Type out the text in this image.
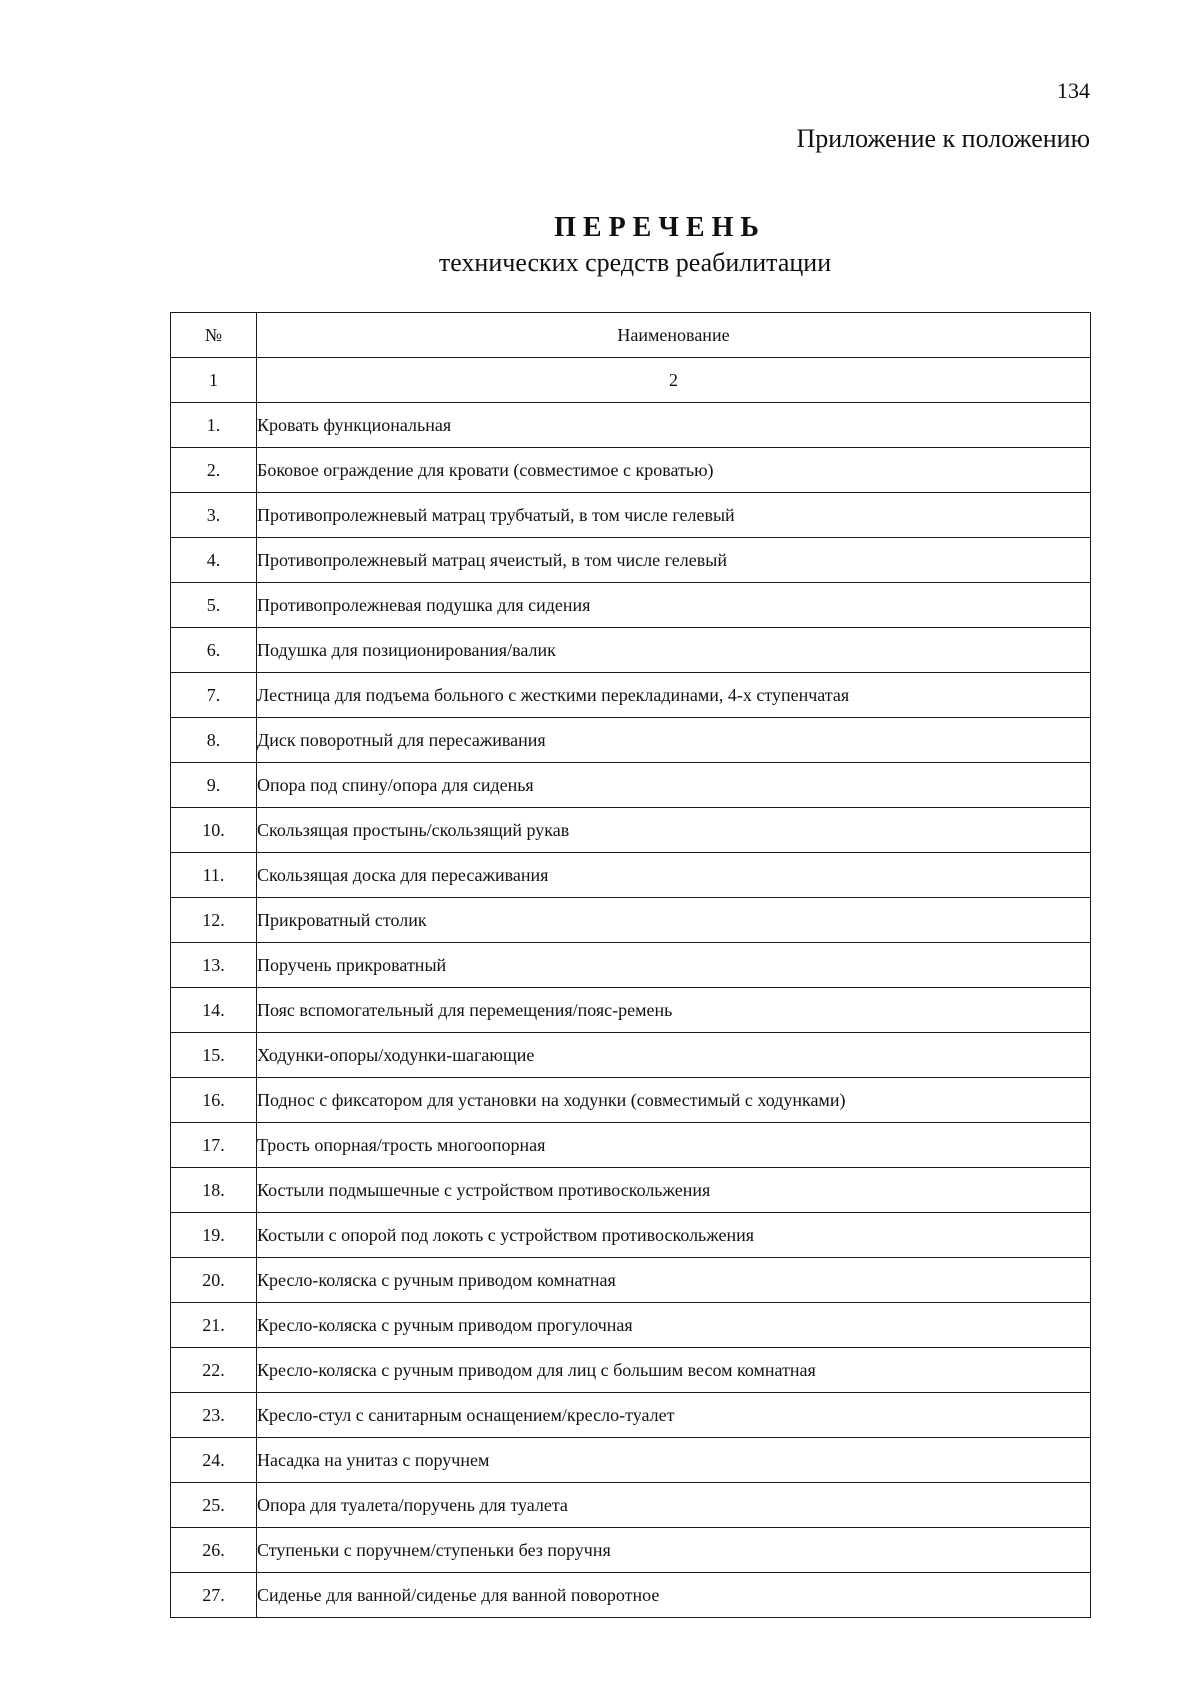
134
Приложение к положению
ПЕРЕЧЕНЬ
технических средств реабилитации
№	Наименование
1	2
1.	Кровать функциональная
2.	Боковое ограждение для кровати (совместимое с кроватью)
3.	Противопролежневый матрац трубчатый, в том числе гелевый
4.	Противопролежневый матрац ячеистый, в том числе гелевый
5.	Противопролежневая подушка для сидения
6.	Подушка для позиционирования/валик
7.	Лестница для подъема больного с жесткими перекладинами, 4-х ступенчатая
8.	Диск поворотный для пересаживания
9.	Опора под спину/опора для сиденья
10.	Скользящая простынь/скользящий рукав
11.	Скользящая доска для пересаживания
12.	Прикроватный столик
13.	Поручень прикроватный
14.	Пояс вспомогательный для перемещения/пояс-ремень
15.	Ходунки-опоры/ходунки-шагающие
16.	Поднос с фиксатором для установки на ходунки (совместимый с ходунками)
17.	Трость опорная/трость многоопорная
18.	Костыли подмышечные с устройством противоскольжения
19.	Костыли с опорой под локоть с устройством противоскольжения
20.	Кресло-коляска с ручным приводом комнатная
21.	Кресло-коляска с ручным приводом прогулочная
22.	Кресло-коляска с ручным приводом для лиц с большим весом комнатная
23.	Кресло-стул с санитарным оснащением/кресло-туалет
24.	Насадка на унитаз с поручнем
25.	Опора для туалета/поручень для туалета
26.	Ступеньки с поручнем/ступеньки без поручня
27.	Сиденье для ванной/сиденье для ванной поворотное
